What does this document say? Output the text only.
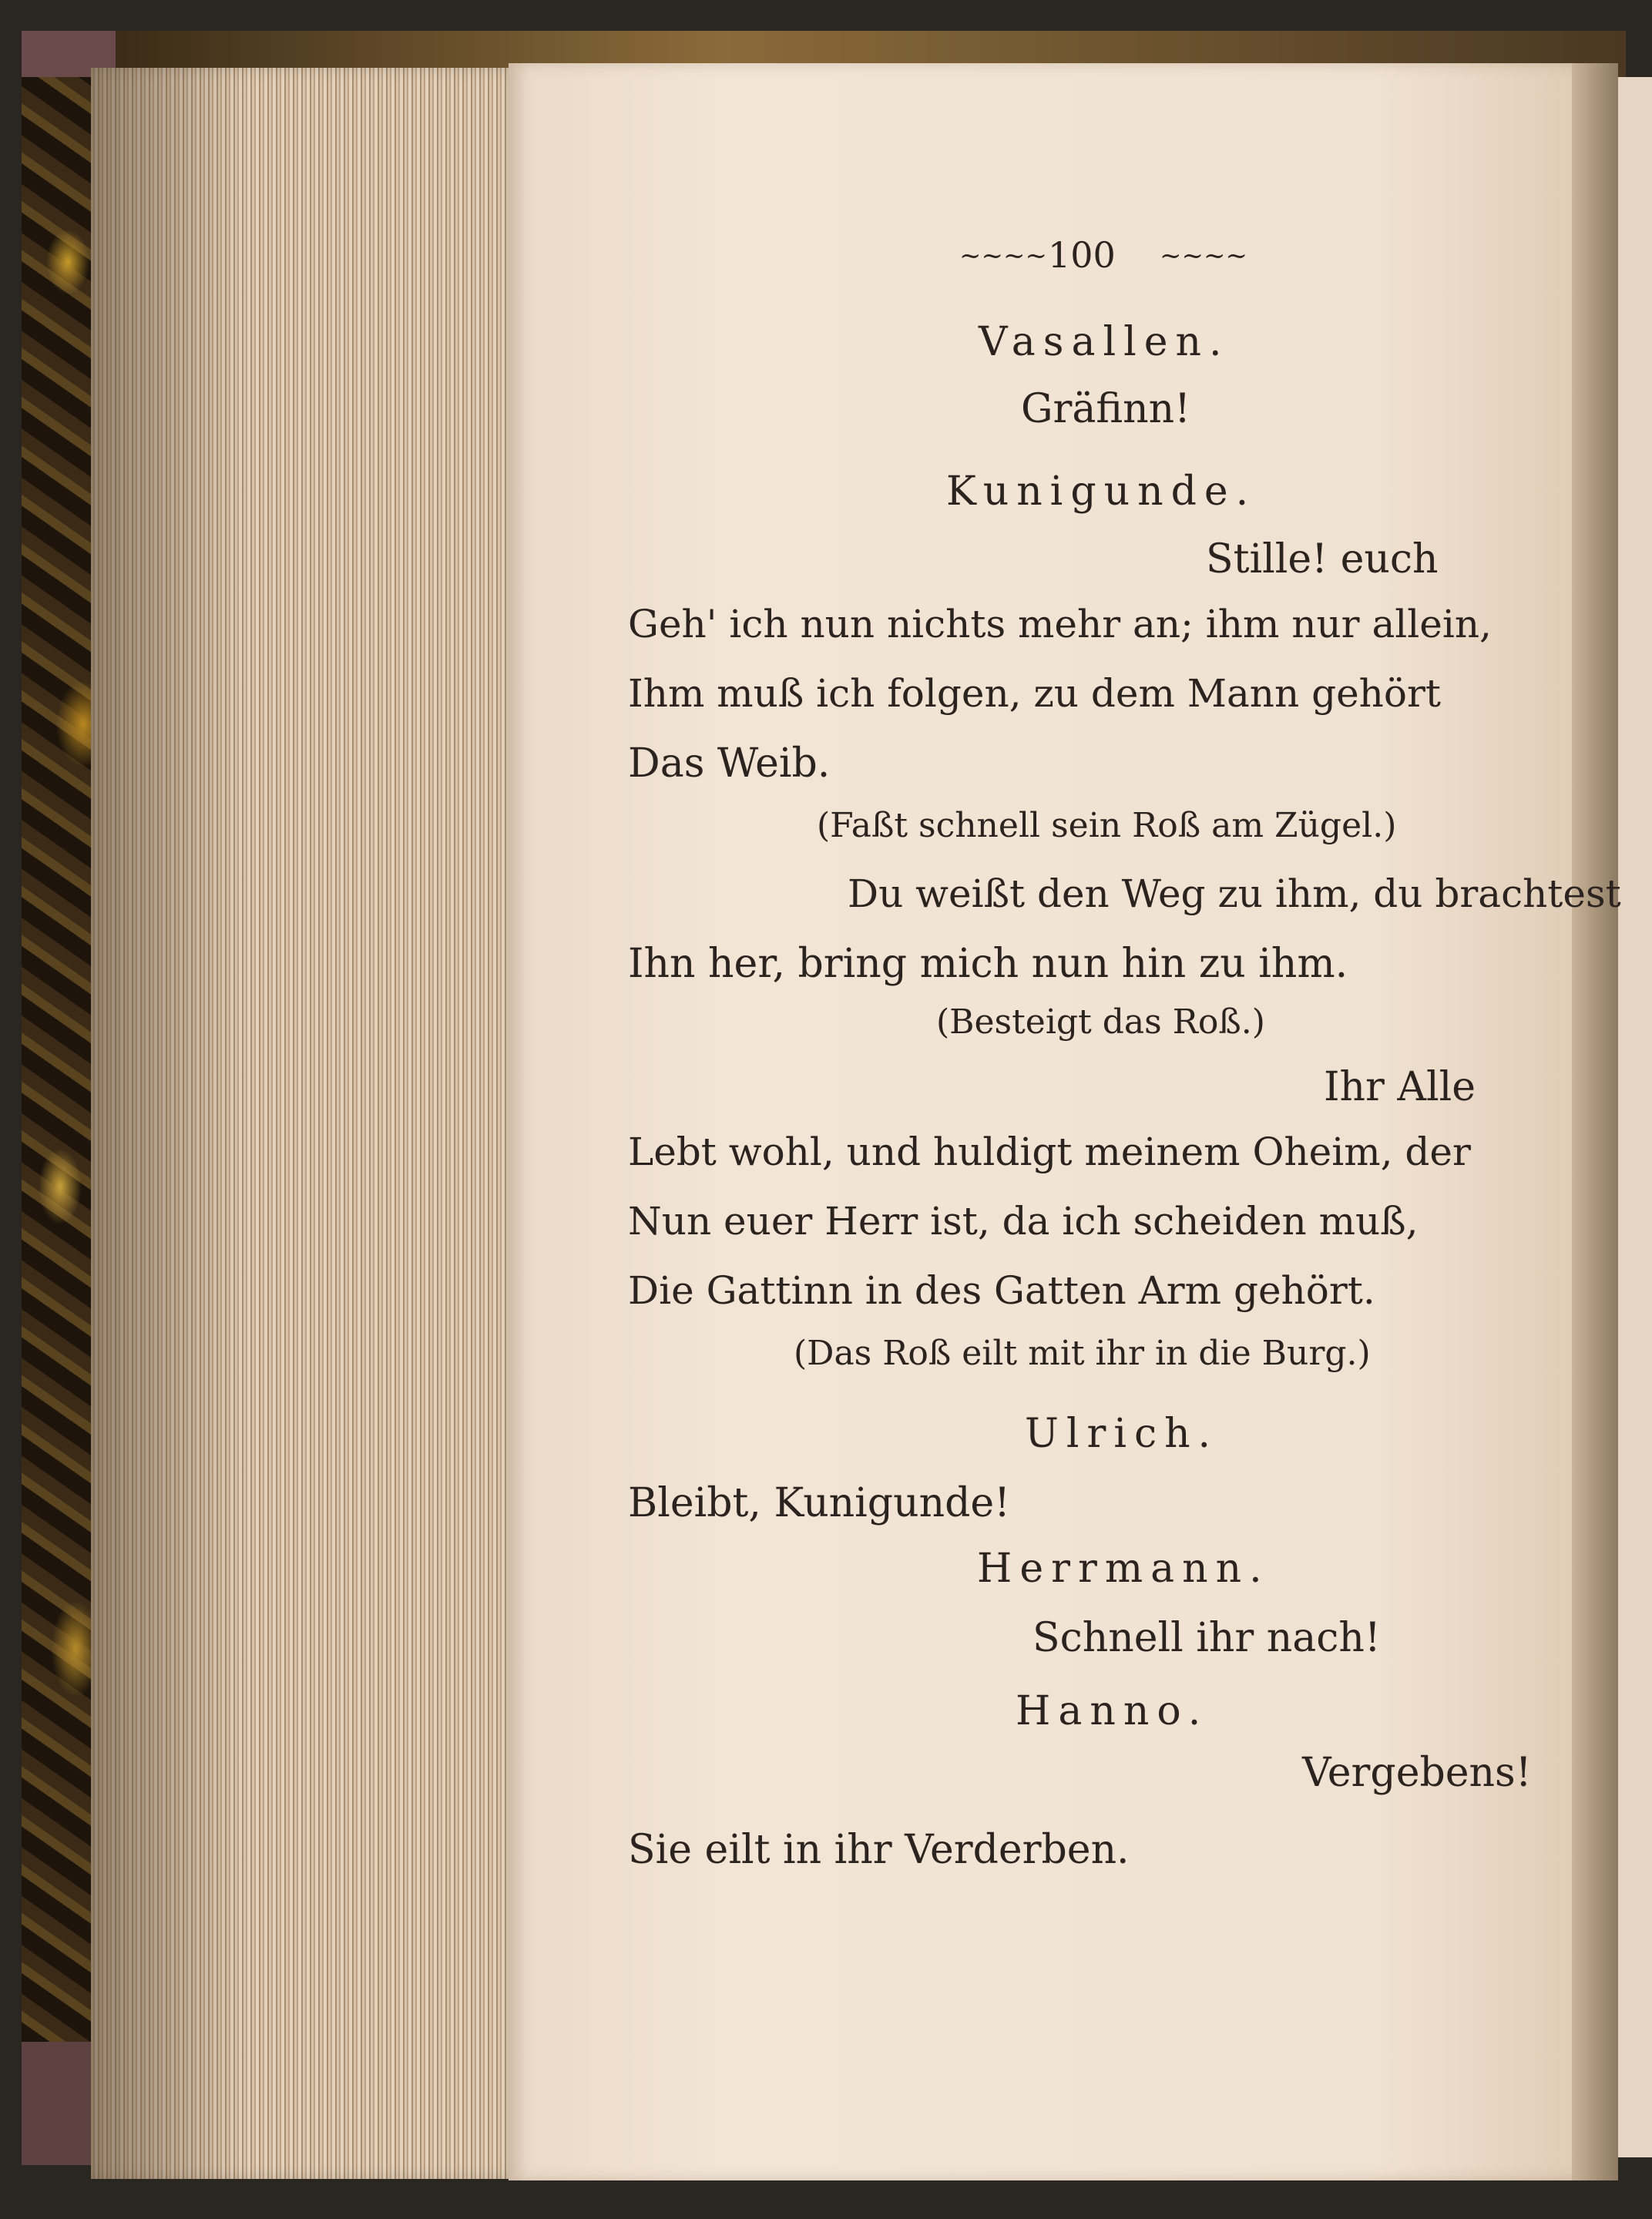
~~~~ 100 ~~~~
Vasallen.
Gräfinn!
Kunigunde.
Stille! euch
Geh' ich nun nichts mehr an; ihm nur allein,
Ihm muß ich folgen, zu dem Mann gehört
Das Weib.
(Faßt schnell sein Roß am Zügel.)
Du weißt den Weg zu ihm, du brachtest
Ihn her, bring mich nun hin zu ihm.
(Besteigt das Roß.)
Ihr Alle
Lebt wohl, und huldigt meinem Oheim, der
Nun euer Herr ist, da ich scheiden muß,
Die Gattinn in des Gatten Arm gehört.
(Das Roß eilt mit ihr in die Burg.)
Ulrich.
Bleibt, Kunigunde!
Herrmann.
Schnell ihr nach!
Hanno.
Vergebens!
Sie eilt in ihr Verderben.
